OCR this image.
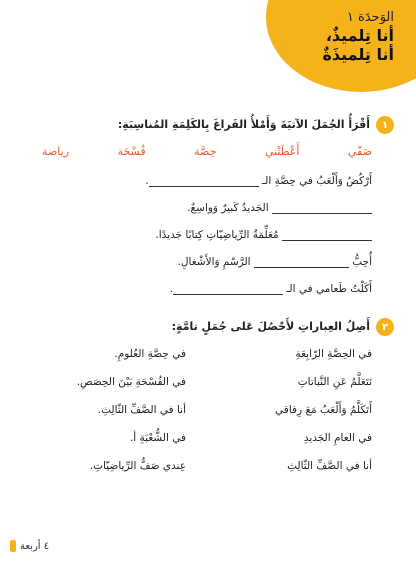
الوَحدَة ١
أنا تِلميذٌ،
أنا تِلميذَةٌ
١
أَقْرَأُ الجُمَلَ الآتيَةَ وَأَمْلأُ الفَراغَ بِالكَلِمَةِ المُناسِبَةِ:
صَفّي
أَعْطَتْني
حِصَّة
فُسْحَة
رياضة
أَرْكُضُ وَأَلْعَبُ في حِصَّةِ الـ .
الجَديدُ كَبيرٌ وَواسِعٌ.
مُعَلِّمَةُ الرِّياضِيّاتِ كِتابًا جَديدًا.
أُحِبُّ  الرَّسْمِ وَالأَشْغالِ.
أَكَلْتُ طَعامي في الـ .
٢
أَصِلُ العِباراتِ لأَحْصُلَ عَلى جُمَلٍ تامَّةٍ:
في الحِصَّةِ الرّابِعَةِ
نَتَعَلَّمُ عَنِ النَّباتاتِ
أَتَكَلَّمُ وَأَلْعَبُ مَعَ رِفاقي
في العامِ الجَديدِ
أنا في الصَّفِّ الثّالِثِ
في حِصَّةِ العُلومِ.
في الفُسْحَةِ بَيْنَ الحِصَصِ.
أنا في الصَّفِّ الثّالِثِ.
في الشُّعْبَةِ أ.
عِندي صَفُّ الرِّياضِيّاتِ.
٤ أربعة
